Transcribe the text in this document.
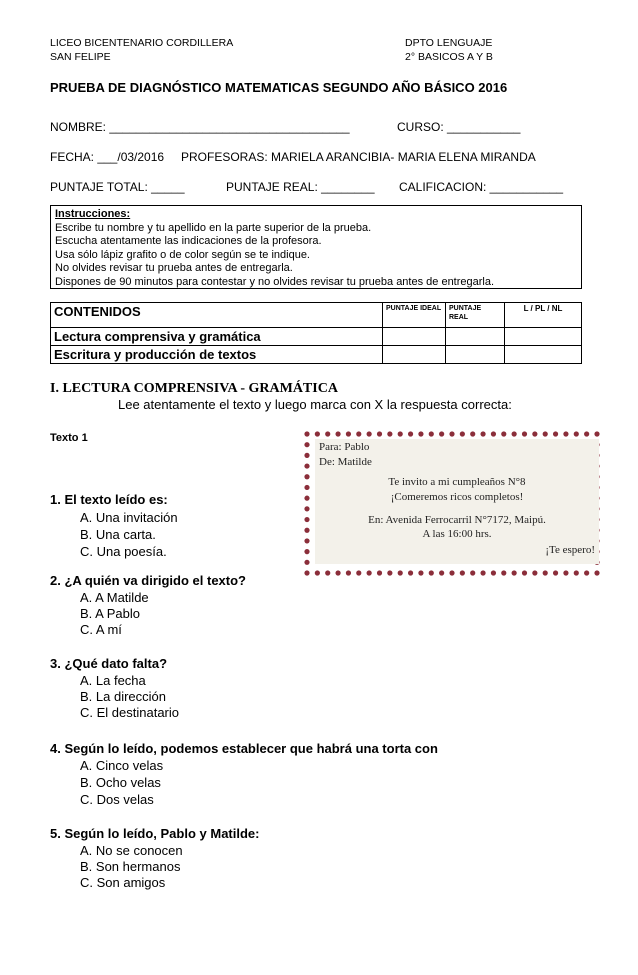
LICEO BICENTENARIO CORDILLERA
SAN FELIPE
DPTO LENGUAJE
2° BASICOS A Y B
PRUEBA DE DIAGNÓSTICO MATEMATICAS SEGUNDO AÑO BÁSICO 2016
NOMBRE: ____________________________________	CURSO: ___________
FECHA: ___/03/2016 PROFESORAS: MARIELA ARANCIBIA- MARIA ELENA MIRANDA
PUNTAJE TOTAL: _____	PUNTAJE REAL: ________ CALIFICACION: ___________
Instrucciones:
Escribe tu nombre y tu apellido en la parte superior de la prueba.
Escucha atentamente las indicaciones de la profesora.
Usa sólo lápiz grafito o de color según se te indique.
No olvides revisar tu prueba antes de entregarla.
Dispones de 90 minutos para contestar y no olvides revisar tu prueba antes de entregarla.
CONTENIDOS	PUNTAJE IDEAL	PUNTAJE REAL	L / PL / NL
Lectura comprensiva y gramática			
Escritura y producción de textos			
I. LECTURA COMPRENSIVA - GRAMÁTICA
Lee atentamente el texto y luego marca con X la respuesta correcta:
Texto 1
Para: Pablo
De: Matilde
Te invito a mi cumpleaños N°8
¡Comeremos ricos completos!
En: Avenida Ferrocarril N°7172, Maipú.
A las 16:00 hrs.
¡Te espero!
1. El texto leído es:
A. Una invitación
B. Una carta.
C. Una poesía.
2. ¿A quién va dirigido el texto?
A. A Matilde
B. A Pablo
C. A mí
3. ¿Qué dato falta?
A. La fecha
B. La dirección
C. El destinatario
4. Según lo leído, podemos establecer que habrá una torta con
A. Cinco velas
B. Ocho velas
C. Dos velas
5. Según lo leído, Pablo y Matilde:
A. No se conocen
B. Son hermanos
C. Son amigos
